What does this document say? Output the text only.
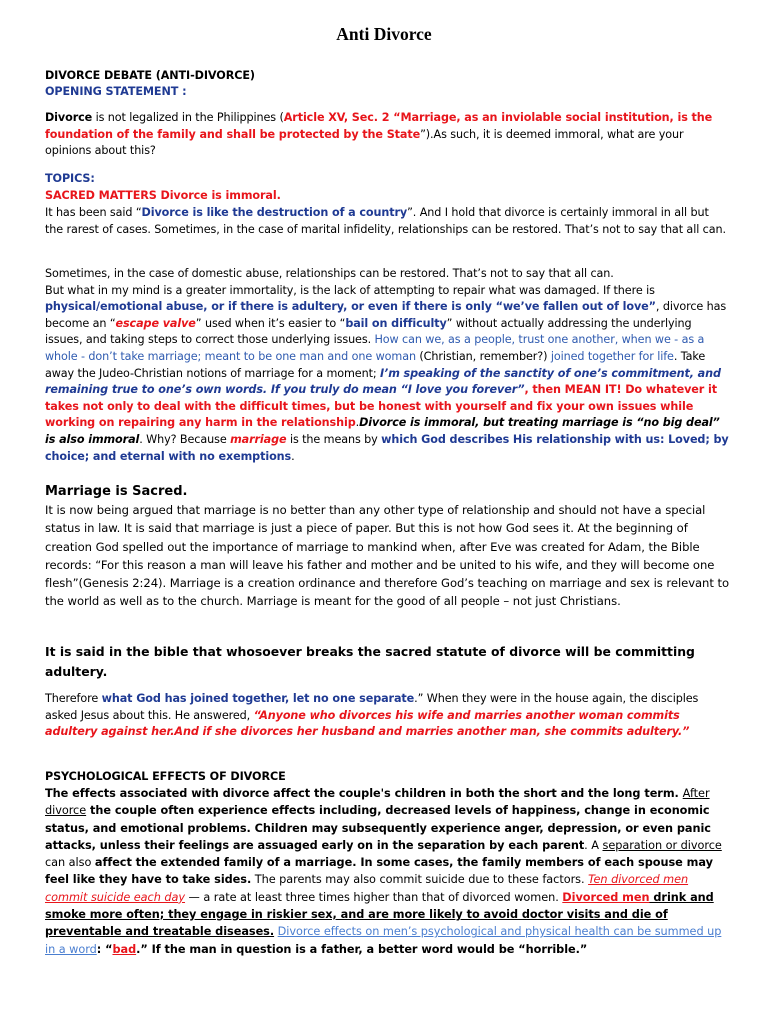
Anti Divorce

DIVORCE DEBATE (ANTI-DIVORCE)

OPENING STATEMENT :

Divorce is not legalized in the Philippines (Article XV, Sec. 2 “Marriage, as an inviolable social institution, is the foundation of the family and shall be protected by the State”).As such, it is deemed immoral, what are your opinions about this?

TOPICS:

SACRED MATTERS Divorce is immoral.

It has been said “Divorce is like the destruction of a country”. And I hold that divorce is certainly immoral in all but the rarest of cases. Sometimes, in the case of marital infidelity, relationships can be restored. That’s not to say that all can.

Sometimes, in the case of domestic abuse, relationships can be restored. That’s not to say that all can.
But what in my mind is a greater immortality, is the lack of attempting to repair what was damaged. If there is physical/emotional abuse, or if there is adultery, or even if there is only “we’ve fallen out of love”, divorce has become an “escape valve” used when it’s easier to “bail on difficulty” without actually addressing the underlying issues, and taking steps to correct those underlying issues. How can we, as a people, trust one another, when we - as a whole - don’t take marriage; meant to be one man and one woman (Christian, remember?) joined together for life. Take away the Judeo-Christian notions of marriage for a moment; I’m speaking of the sanctity of one’s commitment, and remaining true to one’s own words. If you truly do mean “I love you forever”, then MEAN IT! Do whatever it takes not only to deal with the difficult times, but be honest with yourself and fix your own issues while working on repairing any harm in the relationship.Divorce is immoral, but treating marriage is “no big deal” is also immoral. Why? Because marriage is the means by which God describes His relationship with us: Loved; by choice; and eternal with no exemptions.

Marriage is Sacred.

It is now being argued that marriage is no better than any other type of relationship and should not have a special status in law. It is said that marriage is just a piece of paper. But this is not how God sees it. At the beginning of creation God spelled out the importance of marriage to mankind when, after Eve was created for Adam, the Bible records: “For this reason a man will leave his father and mother and be united to his wife, and they will become one flesh”(Genesis 2:24). Marriage is a creation ordinance and therefore God’s teaching on marriage and sex is relevant to the world as well as to the church. Marriage is meant for the good of all people – not just Christians.

It is said in the bible that whosoever breaks the sacred statute of divorce will be committing adultery.

Therefore what God has joined together, let no one separate.” When they were in the house again, the disciples asked Jesus about this. He answered, “Anyone who divorces his wife and marries another woman commits adultery against her.And if she divorces her husband and marries another man, she commits adultery.”

PSYCHOLOGICAL EFFECTS OF DIVORCE

The effects associated with divorce affect the couple's children in both the short and the long term. After divorce the couple often experience effects including, decreased levels of happiness, change in economic status, and emotional problems. Children may subsequently experience anger, depression, or even panic attacks, unless their feelings are assuaged early on in the separation by each parent. A separation or divorce can also affect the extended family of a marriage. In some cases, the family members of each spouse may feel like they have to take sides. The parents may also commit suicide due to these factors. Ten divorced men commit suicide each day — a rate at least three times higher than that of divorced women. Divorced men drink and smoke more often; they engage in riskier sex, and are more likely to avoid doctor visits and die of preventable and treatable diseases. Divorce effects on men’s psychological and physical health can be summed up in a word: “bad.” If the man in question is a father, a better word would be “horrible.”
